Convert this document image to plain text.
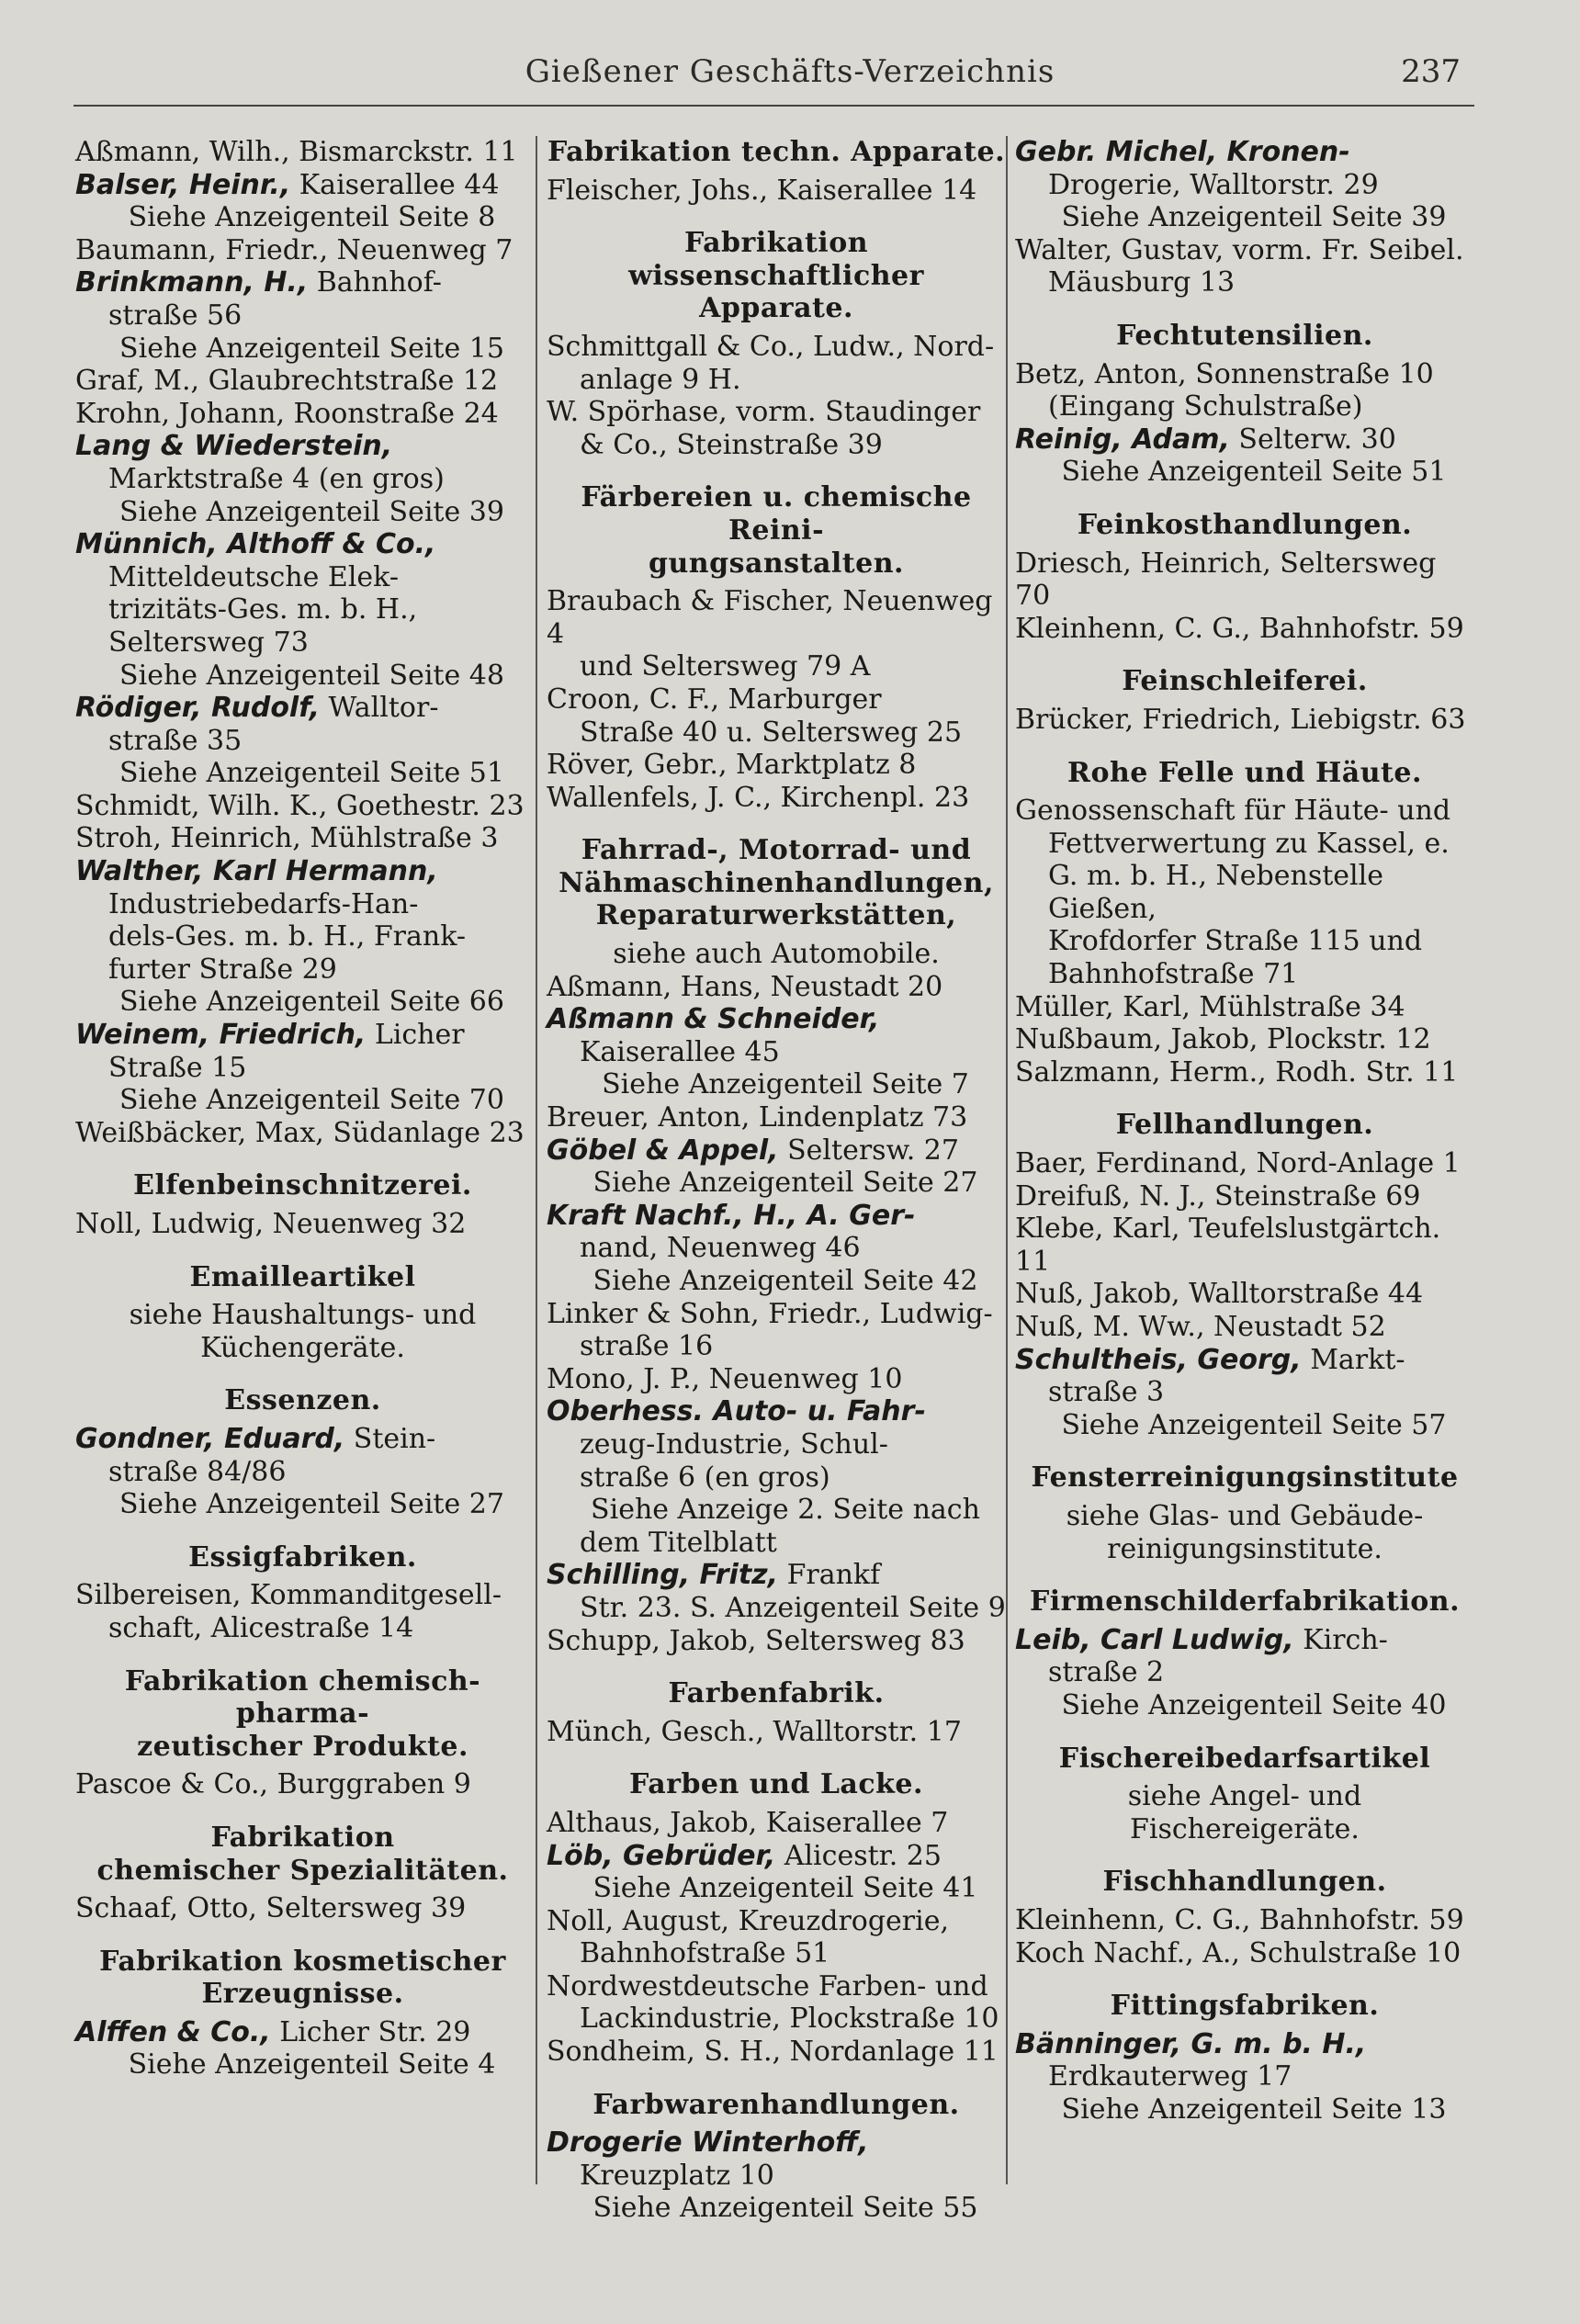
Gießener Geschäfts-Verzeichnis	237
Aßmann, Wilh., Bismarckstr. 11
Balser, Heinr., Kaiserallee 44
Siehe Anzeigenteil Seite 8
Baumann, Friedr., Neuenweg 7
Brinkmann, H., Bahnhof-
straße 56
Siehe Anzeigenteil Seite 15
Graf, M., Glaubrechtstraße 12
Krohn, Johann, Roonstraße 24
Lang & Wiederstein,
Marktstraße 4 (en gros)
Siehe Anzeigenteil Seite 39
Münnich, Althoff & Co.,
Mitteldeutsche Elek-
trizitäts-Ges. m. b. H.,
Seltersweg 73
Siehe Anzeigenteil Seite 48
Rödiger, Rudolf, Walltor-
straße 35
Siehe Anzeigenteil Seite 51
Schmidt, Wilh. K., Goethestr. 23
Stroh, Heinrich, Mühlstraße 3
Walther, Karl Hermann,
Industriebedarfs-Han-
dels-Ges. m. b. H., Frank-
furter Straße 29
Siehe Anzeigenteil Seite 66
Weinem, Friedrich, Licher
Straße 15
Siehe Anzeigenteil Seite 70
Weißbäcker, Max, Südanlage 23
Elfenbeinschnitzerei.
Noll, Ludwig, Neuenweg 32
Emailleartikel
siehe Haushaltungs- und
Küchengeräte.
Essenzen.
Gondner, Eduard, Stein-
straße 84/86
Siehe Anzeigenteil Seite 27
Essigfabriken.
Silbereisen, Kommanditgesell-
schaft, Alicestraße 14
Fabrikation chemisch-pharma-
zeutischer Produkte.
Pascoe & Co., Burggraben 9
Fabrikation
chemischer Spezialitäten.
Schaaf, Otto, Seltersweg 39
Fabrikation kosmetischer
Erzeugnisse.
Alffen & Co., Licher Str. 29
Siehe Anzeigenteil Seite 4
Fabrikation techn. Apparate.
Fleischer, Johs., Kaiserallee 14
Fabrikation wissenschaftlicher
Apparate.
Schmittgall & Co., Ludw., Nord-
anlage 9 H.
W. Spörhase, vorm. Staudinger
& Co., Steinstraße 39
Färbereien u. chemische Reini-
gungsanstalten.
Braubach & Fischer, Neuenweg 4
und Seltersweg 79 A
Croon, C. F., Marburger
Straße 40 u. Seltersweg 25
Röver, Gebr., Marktplatz 8
Wallenfels, J. C., Kirchenpl. 23
Fahrrad-, Motorrad- und
Nähmaschinenhandlungen,
Reparaturwerkstätten,
siehe auch Automobile.
Aßmann, Hans, Neustadt 20
Aßmann & Schneider,
Kaiserallee 45
Siehe Anzeigenteil Seite 7
Breuer, Anton, Lindenplatz 73
Göbel & Appel, Seltersw. 27
Siehe Anzeigenteil Seite 27
Kraft Nachf., H., A. Ger-
nand, Neuenweg 46
Siehe Anzeigenteil Seite 42
Linker & Sohn, Friedr., Ludwig-
straße 16
Mono, J. P., Neuenweg 10
Oberhess. Auto- u. Fahr-
zeug-Industrie, Schul-
straße 6 (en gros)
Siehe Anzeige 2. Seite nach
dem Titelblatt
Schilling, Fritz, Frankf
Str. 23. S. Anzeigenteil Seite 9
Schupp, Jakob, Seltersweg 83
Farbenfabrik.
Münch, Gesch., Walltorstr. 17
Farben und Lacke.
Althaus, Jakob, Kaiserallee 7
Löb, Gebrüder, Alicestr. 25
Siehe Anzeigenteil Seite 41
Noll, August, Kreuzdrogerie,
Bahnhofstraße 51
Nordwestdeutsche Farben- und
Lackindustrie, Plockstraße 10
Sondheim, S. H., Nordanlage 11
Farbwarenhandlungen.
Drogerie Winterhoff,
Kreuzplatz 10
Siehe Anzeigenteil Seite 55
Gebr. Michel, Kronen-
Drogerie, Walltorstr. 29
Siehe Anzeigenteil Seite 39
Walter, Gustav, vorm. Fr. Seibel.
Mäusburg 13
Fechtutensilien.
Betz, Anton, Sonnenstraße 10
(Eingang Schulstraße)
Reinig, Adam, Selterw. 30
Siehe Anzeigenteil Seite 51
Feinkosthandlungen.
Driesch, Heinrich, Seltersweg 70
Kleinhenn, C. G., Bahnhofstr. 59
Feinschleiferei.
Brücker, Friedrich, Liebigstr. 63
Rohe Felle und Häute.
Genossenschaft für Häute- und
Fettverwertung zu Kassel, e.
G. m. b. H., Nebenstelle Gießen,
Krofdorfer Straße 115 und
Bahnhofstraße 71
Müller, Karl, Mühlstraße 34
Nußbaum, Jakob, Plockstr. 12
Salzmann, Herm., Rodh. Str. 11
Fellhandlungen.
Baer, Ferdinand, Nord-Anlage 1
Dreifuß, N. J., Steinstraße 69
Klebe, Karl, Teufelslustgärtch. 11
Nuß, Jakob, Walltorstraße 44
Nuß, M. Ww., Neustadt 52
Schultheis, Georg, Markt-
straße 3
Siehe Anzeigenteil Seite 57
Fensterreinigungsinstitute
siehe Glas- und Gebäude-
reinigungsinstitute.
Firmenschilderfabrikation.
Leib, Carl Ludwig, Kirch-
straße 2
Siehe Anzeigenteil Seite 40
Fischereibedarfsartikel
siehe Angel- und Fischereigeräte.
Fischhandlungen.
Kleinhenn, C. G., Bahnhofstr. 59
Koch Nachf., A., Schulstraße 10
Fittingsfabriken.
Bänninger, G. m. b. H.,
Erdkauterweg 17
Siehe Anzeigenteil Seite 13
